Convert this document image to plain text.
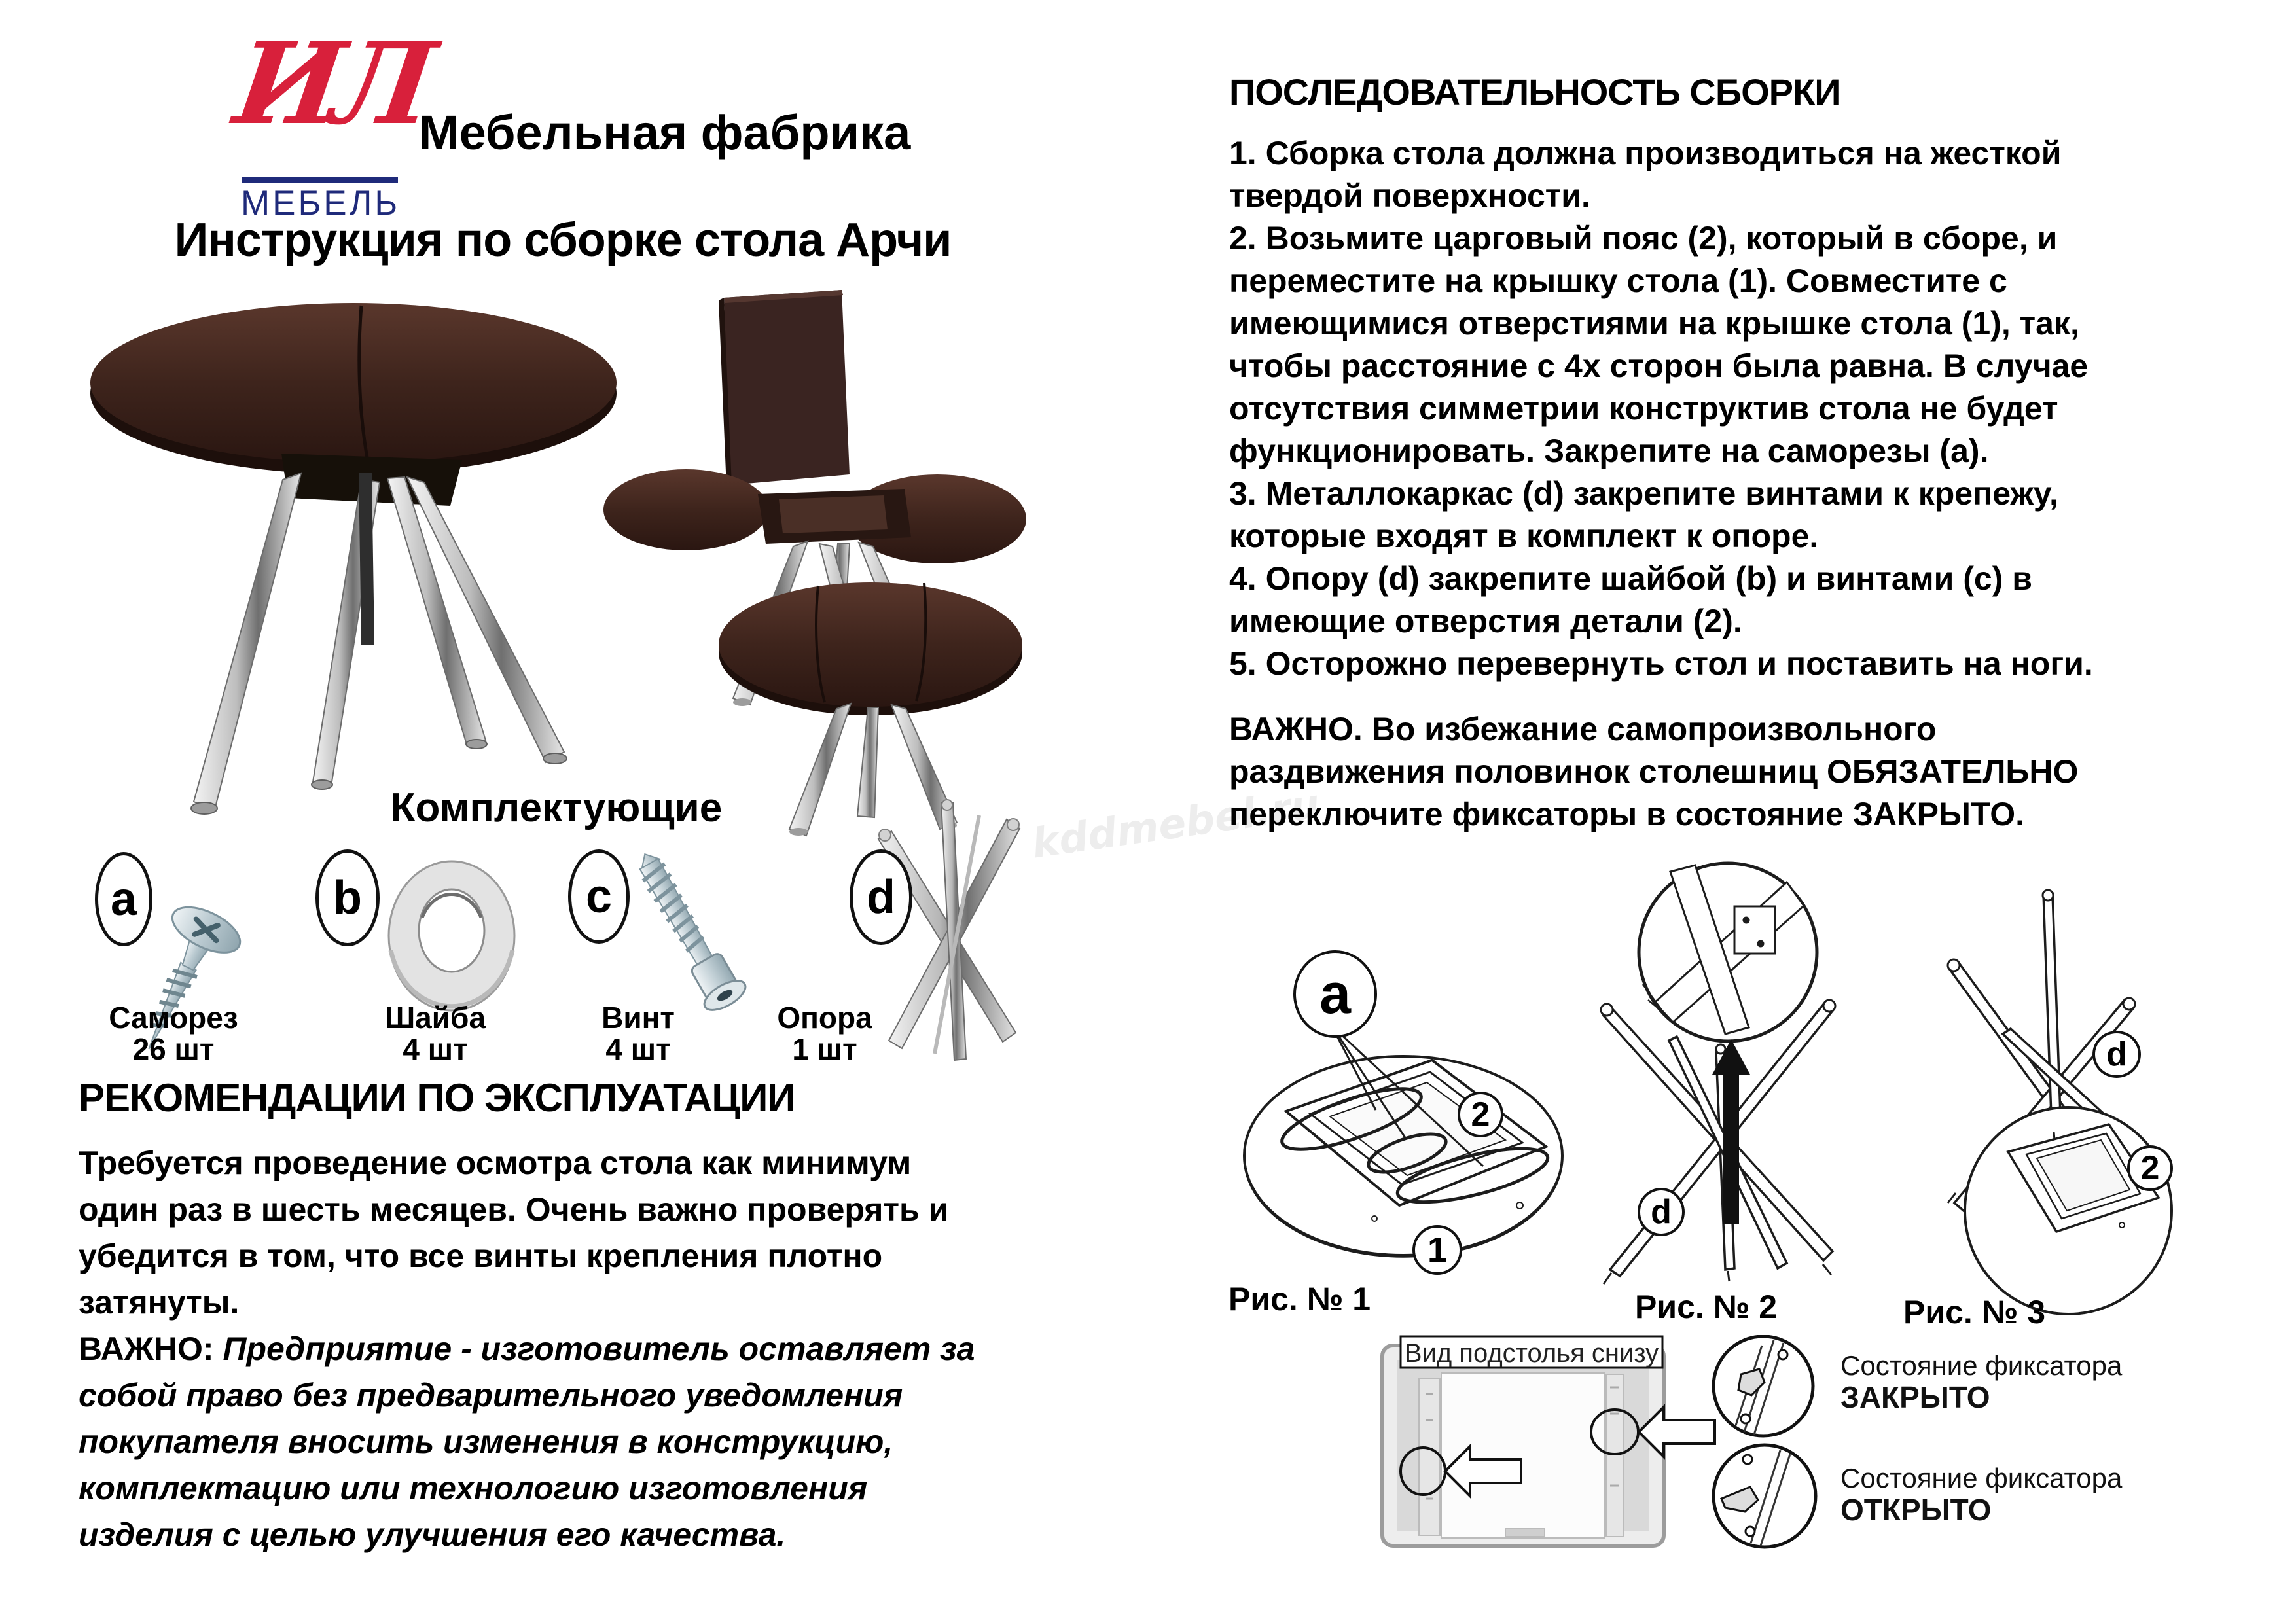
kddmebel.ru
ИЛ
МЕБЕЛЬ
Мебельная фабрика
Инструкция по сборке стола Арчи
Комплектующие
a
Саморез
26 шт
b
Шайба
4 шт
c
Винт
4 шт
d
Опора
1 шт
РЕКОМЕНДАЦИИ ПО ЭКСПЛУАТАЦИИ
Требуется проведение осмотра стола как минимум
один раз в шесть месяцев. Очень важно проверять и
убедится в том, что все винты крепления плотно
затянуты.
ВАЖНО: Предприятие - изготовитель оставляет за
собой право без предварительного уведомления
покупателя вносить изменения в конструкцию,
комплектацию или технологию изготовления
изделия с целью улучшения его качества.
ПОСЛЕДОВАТЕЛЬНОСТЬ СБОРКИ
1. Сборка стола должна производиться на жесткой
твердой поверхности.
2. Возьмите царговый пояс (2), который в сборе, и
переместите на крышку стола (1). Совместите с
имеющимися отверстиями на крышке стола (1), так,
чтобы расстояние с 4х сторон была равна. В случае
отсутствия симметрии конструктив стола не будет
функционировать. Закрепите на саморезы (a).
3. Металлокаркас (d) закрепите винтами к крепежу,
которые входят в комплект к опоре.
4. Опору (d) закрепите шайбой (b) и винтами (c) в
имеющие отверстия детали (2).
5. Осторожно перевернуть стол и поставить на ноги.
ВАЖНО. Во избежание самопроизвольного
раздвижения половинок столешниц ОБЯЗАТЕЛЬНО
переключите фиксаторы в состояние ЗАКРЫТО.
a
2
1
d
d
2
Рис. № 1	Рис. № 2	Рис. № 3
Вид подстолья снизу	Состояние фиксатора
ЗАКРЫТО
Состояние фиксатора
ОТКРЫТО
